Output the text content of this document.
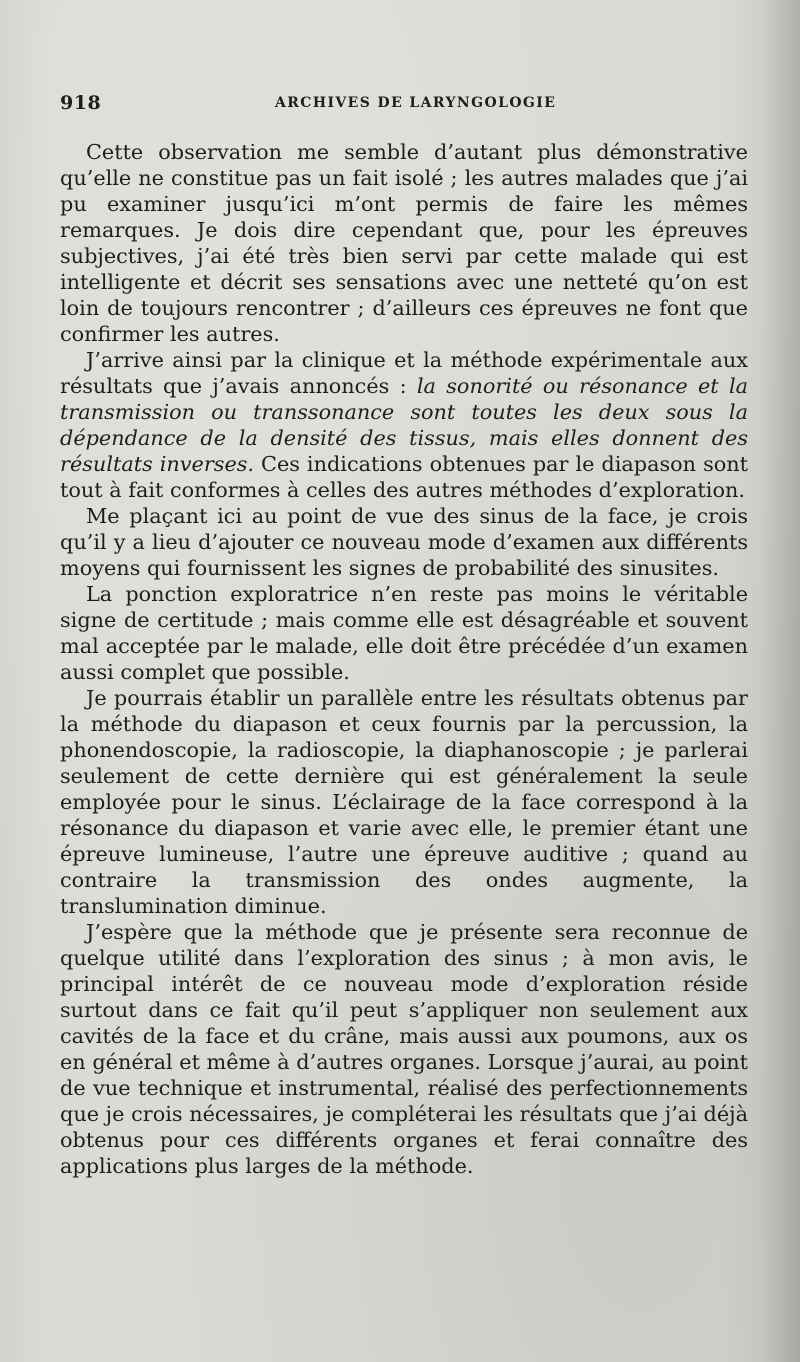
918	ARCHIVES DE LARYNGOLOGIE

Cette observation me semble d’autant plus démonstrative qu’elle ne constitue pas un fait isolé ; les autres malades que j’ai pu examiner jusqu’ici m’ont permis de faire les mêmes remarques. Je dois dire cependant que, pour les épreuves subjectives, j’ai été très bien servi par cette malade qui est intelligente et décrit ses sensations avec une netteté qu’on est loin de toujours rencontrer ; d’ailleurs ces épreuves ne font que confirmer les autres.

J’arrive ainsi par la clinique et la méthode expérimentale aux résultats que j’avais annoncés : la sonorité ou résonance et la transmission ou transsonance sont toutes les deux sous la dépendance de la densité des tissus, mais elles donnent des résultats inverses. Ces indications obtenues par le diapason sont tout à fait conformes à celles des autres méthodes d’exploration.

Me plaçant ici au point de vue des sinus de la face, je crois qu’il y a lieu d’ajouter ce nouveau mode d’examen aux différents moyens qui fournissent les signes de probabilité des sinusites.

La ponction exploratrice n’en reste pas moins le véritable signe de certitude ; mais comme elle est désagréable et souvent mal acceptée par le malade, elle doit être précédée d’un examen aussi complet que possible.

Je pourrais établir un parallèle entre les résultats obtenus par la méthode du diapason et ceux fournis par la percussion, la phonendoscopie, la radioscopie, la diaphanoscopie ; je parlerai seulement de cette dernière qui est généralement la seule employée pour le sinus. L’éclairage de la face correspond à la résonance du diapason et varie avec elle, le premier étant une épreuve lumineuse, l’autre une épreuve auditive ; quand au contraire la transmission des ondes augmente, la translumination diminue.

J’espère que la méthode que je présente sera reconnue de quelque utilité dans l’exploration des sinus ; à mon avis, le principal intérêt de ce nouveau mode d’exploration réside surtout dans ce fait qu’il peut s’appliquer non seulement aux cavités de la face et du crâne, mais aussi aux poumons, aux os en général et même à d’autres organes. Lorsque j’aurai, au point de vue technique et instrumental, réalisé des perfectionnements que je crois nécessaires, je compléterai les résultats que j’ai déjà obtenus pour ces différents organes et ferai connaître des applications plus larges de la méthode.
